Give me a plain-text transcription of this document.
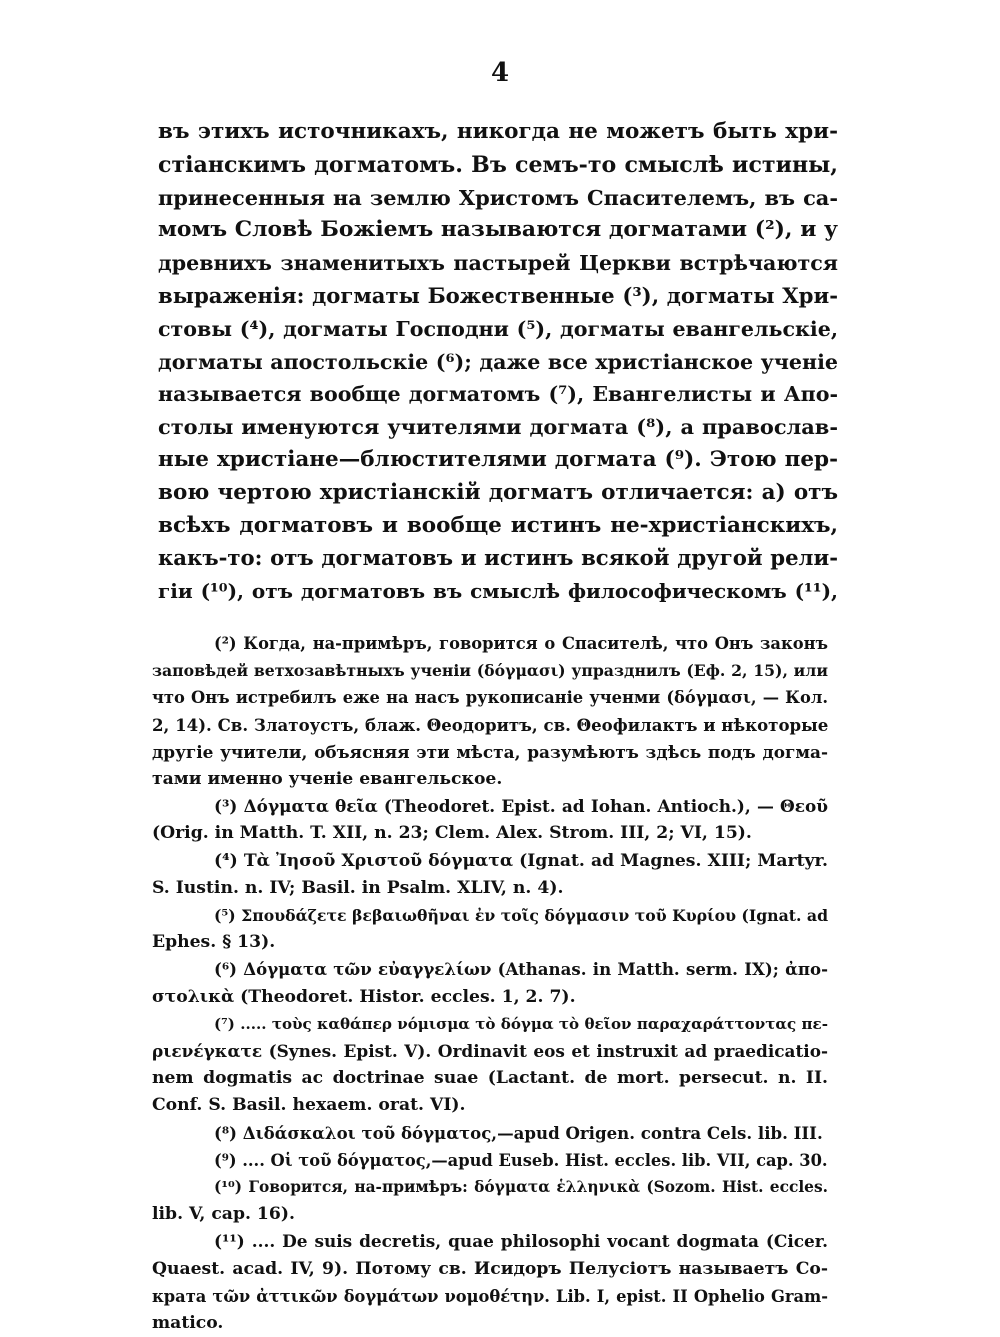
4
въ этихъ источникахъ, никогда не можетъ быть хри-
стіанскимъ догматомъ. Въ семъ-то смыслѣ истины,
принесенныя на землю Христомъ Спасителемъ, въ са-
момъ Словѣ Божіемъ называются догматами (²), и у
древнихъ знаменитыхъ пастырей Церкви встрѣчаются
выраженія: догматы Божественные (³), догматы Хри-
стовы (⁴), догматы Господни (⁵), догматы евангельскіе,
догматы апостольскіе (⁶); даже все христіанское ученіе
называется вообще догматомъ (⁷), Евангелисты и Апо-
столы именуются учителями догмата (⁸), а православ-
ные христіане—блюстителями догмата (⁹). Этою пер-
вою чертою христіанскій догматъ отличается: а) отъ
всѣхъ догматовъ и вообще истинъ не-христіанскихъ,
какъ-то: отъ догматовъ и истинъ всякой другой рели-
гіи (¹⁰), отъ догматовъ въ смыслѣ философическомъ (¹¹),
(²) Когда, на-примѣръ, говорится о Спасителѣ, что Онъ законъ
заповѣдей ветхозавѣтныхъ ученіи (δόγμασι) упразднилъ (Еф. 2, 15), или
что Онъ истребилъ еже на насъ рукописаніе ученми (δόγμασι, — Кол.
2, 14). Св. Златоустъ, блаж. Θеодоритъ, св. Θеофилактъ и нѣкоторые
другіе учители, объясняя эти мѣста, разумѣютъ здѣсь подъ догма-
тами именно ученіе евангельское.
(³) Δόγματα θεῖα (Theodoret. Epist. ad Iohan. Antioch.), — Θεοῦ
(Orig. in Matth. T. XII, n. 23; Clem. Alex. Strom. III, 2; VI, 15).
(⁴) Τὰ Ἰησοῦ Χριστοῦ δόγματα (Ignat. ad Magnes. XIII; Martyr.
S. Iustin. n. IV; Basil. in Psalm. XLIV, n. 4).
(⁵) Σπουδάζετε βεβαιωθῆναι ἐν τοῖς δόγμασιν τοῦ Κυρίου (Ignat. ad
Ephes. § 13).
(⁶) Δόγματα τῶν εὐαγγελίων (Athanas. in Matth. serm. IX); ἀπο-
στολικὰ (Theodoret. Histor. eccles. 1, 2. 7).
(⁷) ..... τοὺς καθάπερ νόμισμα τὸ δόγμα τὸ θεῖον παραχαράττοντας πε-
ριενέγκατε (Synes. Epist. V). Ordinavit eos et instruxit ad praedicatio-
nem dogmatis ac doctrinae suae (Lactant. de mort. persecut. n. II.
Conf. S. Basil. hexaem. orat. VI).
(⁸) Διδάσκαλοι τοῦ δόγματος,—apud Origen. contra Cels. lib. III.
(⁹) .... Οἱ τοῦ δόγματος,—apud Euseb. Hist. eccles. lib. VII, cap. 30.
(¹⁰) Говорится, на-примѣръ: δόγματα ἑλληνικὰ (Sozom. Hist. eccles.
lib. V, cap. 16).
(¹¹) .... De suis decretis, quae philosophi vocant dogmata (Cicer.
Quaest. acad. IV, 9). Потому св. Исидоръ Пелусіотъ называетъ Со-
крата τῶν ἀττικῶν δογμάτων νομοθέτην. Lib. I, epist. II Ophelio Gram-
matico.
